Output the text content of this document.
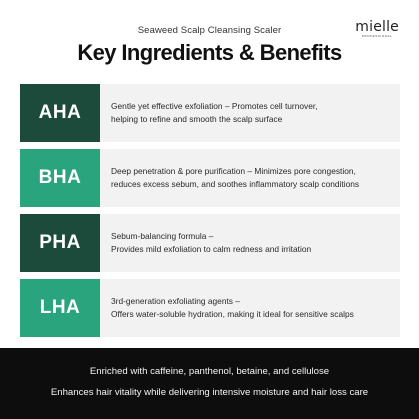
Seaweed Scalp Cleansing Scaler
Key Ingredients & Benefits
mielle
PROFESSIONAL
AHA	Gentle yet effective exfoliation – Promotes cell turnover,
helping to refine and smooth the scalp surface
BHA	Deep penetration & pore purification – Minimizes pore congestion,
reduces excess sebum, and soothes inflammatory scalp conditions
PHA	Sebum-balancing formula –
Provides mild exfoliation to calm redness and irritation
LHA	3rd-generation exfoliating agents –
Offers water-soluble hydration, making it ideal for sensitive scalps
Enriched with caffeine, panthenol, betaine, and cellulose
Enhances hair vitality while delivering intensive moisture and hair loss care
